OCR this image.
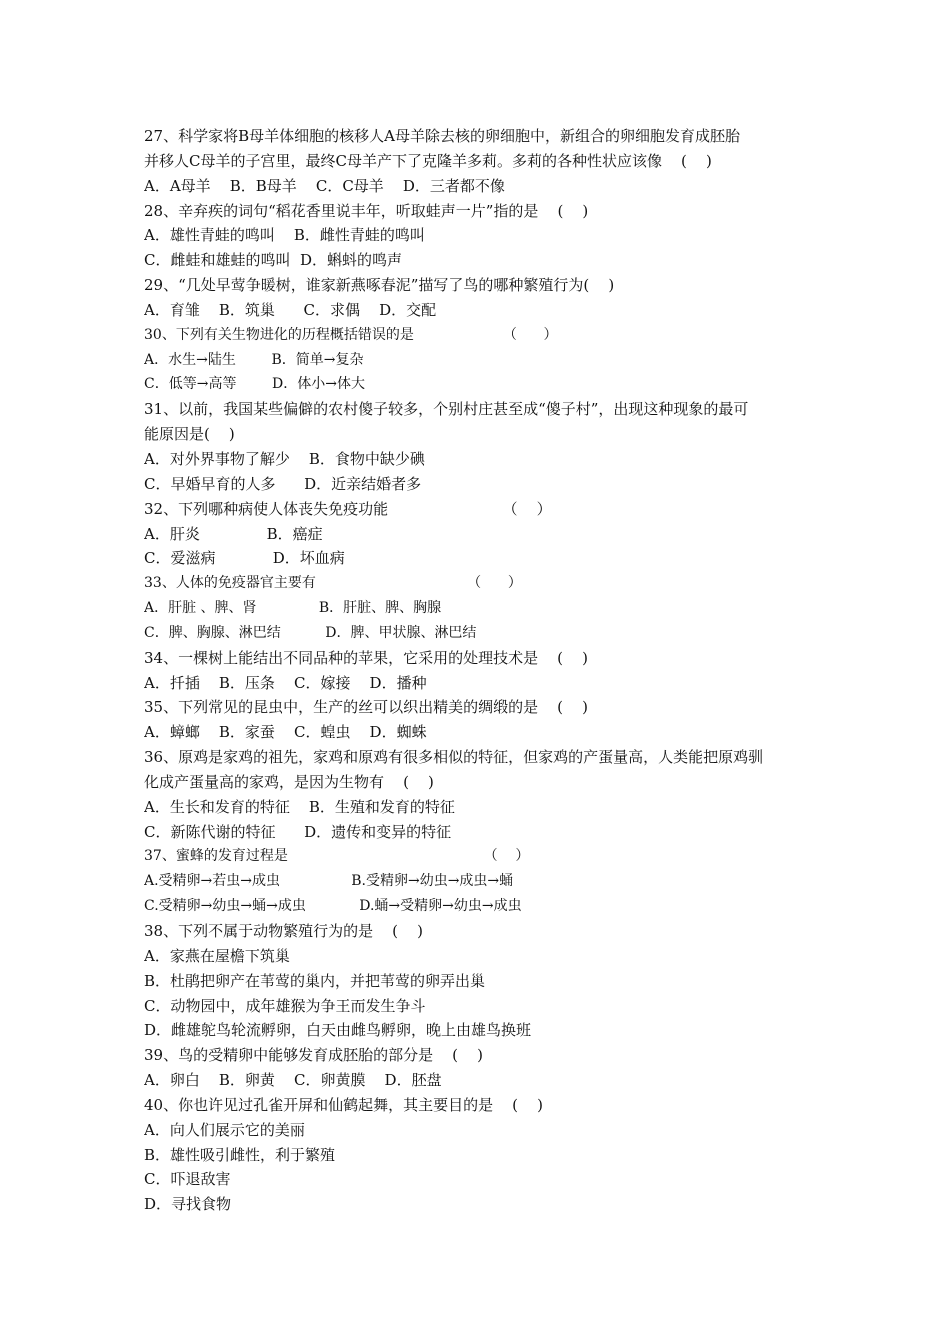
27、科学家将B母羊体细胞的核移人A母羊除去核的卵细胞中，新组合的卵细胞发育成胚胎
并移人C母羊的子宫里，最终C母羊产下了克隆羊多莉。多莉的各种性状应该像    (    )
A．A母羊    B．B母羊    C．C母羊    D．三者都不像
28、辛弃疾的词句“稻花香里说丰年，听取蛙声一片”指的是    (    )
A．雄性青蛙的鸣叫    B．雌性青蛙的鸣叫
C．雌蛙和雄蛙的鸣叫  D．蝌蚪的鸣声
29、“几处早莺争暖树，谁家新燕啄春泥”描写了鸟的哪种繁殖行为(    )
A．育雏    B．筑巢      C．求偶    D．交配
30、下列有关生物进化的历程概括错误的是                    （      ）
A．水生→陆生        B．简单→复杂
C．低等→高等        D．体小→体大
31、以前，我国某些偏僻的农村傻子较多，个别村庄甚至成“傻子村”，出现这种现象的最可
能原因是(    )
A．对外界事物了解少    B．食物中缺少碘
C．早婚早育的人多      D．近亲结婚者多
32、下列哪种病使人体丧失免疫功能                        （    ）
A．肝炎              B．癌症
C．爱滋病            D．坏血病
33、人体的免疫器官主要有                                  （      ）
A．肝脏 、脾、肾              B．肝脏、脾、胸腺
C．脾、胸腺、淋巴结          D．脾、甲状腺、淋巴结
34、一棵树上能结出不同品种的苹果，它采用的处理技术是    (    )
A．扦插    B．压条    C．嫁接    D．播种
35、下列常见的昆虫中，生产的丝可以织出精美的绸缎的是    (    )
A．蟑螂    B．家蚕    C．蝗虫    D．蜘蛛
36、原鸡是家鸡的祖先，家鸡和原鸡有很多相似的特征，但家鸡的产蛋量高，人类能把原鸡驯
化成产蛋量高的家鸡，是因为生物有    (    )
A．生长和发育的特征    B．生殖和发育的特征
C．新陈代谢的特征      D．遗传和变异的特征
37、蜜蜂的发育过程是                                            （    ）
A.受精卵→若虫→成虫                B.受精卵→幼虫→成虫→蛹
C.受精卵→幼虫→蛹→成虫            D.蛹→受精卵→幼虫→成虫
38、下列不属于动物繁殖行为的是    (    )
A．家燕在屋檐下筑巢
B．杜鹃把卵产在苇莺的巢内，并把苇莺的卵弄出巢
C．动物园中，成年雄猴为争王而发生争斗
D．雌雄鸵鸟轮流孵卵，白天由雌鸟孵卵，晚上由雄鸟换班
39、鸟的受精卵中能够发育成胚胎的部分是    (    )
A．卵白    B．卵黄    C．卵黄膜    D．胚盘
40、你也许见过孔雀开屏和仙鹤起舞，其主要目的是    (    )
A．向人们展示它的美丽
B．雄性吸引雌性，利于繁殖
C．吓退敌害
D．寻找食物
